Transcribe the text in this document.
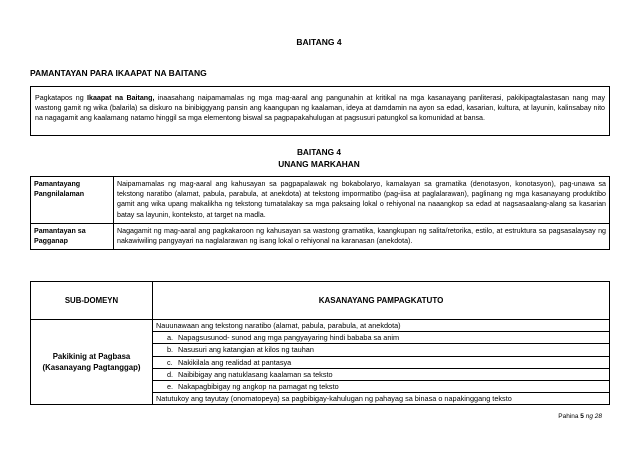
BAITANG 4
PAMANTAYAN PARA IKAAPAT NA BAITANG
Pagkatapos ng Ikaapat na Baitang, inaasahang naipamamalas ng mga mag-aaral ang pangunahin at kritikal na mga kasanayang panliterasi, pakikipagtalastasan nang may wastong gamit ng wika (balarila) sa diskuro na binibiggyang pansin ang kaangupan ng kaalaman, ideya at damdamin na ayon sa edad, kasarian, kultura, at layunin, kalinsabay nito na nagagamit ang kaalamang natamo hinggil sa mga elementong biswal sa pagpapakahulugan at pagsusuri patungkol sa komunidad at bansa.
BAITANG 4
UNANG MARKAHAN
Pamantayang Pangnilalaman	Naipamamalas ng mag-aaral ang kahusayan sa pagpapalawak ng bokabolaryo, kamalayan sa gramatika (denotasyon, konotasyon), pag-unawa sa tekstong naratibo (alamat, pabula, parabula, at anekdota) at tekstong impormatibo (pag-iisa at paglalarawan), paglinang ng mga kasanayang produktibo gamit ang wika upang makalikha ng tekstong tumatalakay sa mga paksaing lokal o rehiyonal na naaangkop sa edad at nagsasaalang-alang sa kasarian batay sa layunin, konteksto, at target na madla.
Pamantayan sa Pagganap	Nagagamit ng mag-aaral ang pagkakaroon ng kahusayan sa wastong gramatika, kaangkupan ng salita/retorika, estilo, at estruktura sa pagsasalaysay ng nakawiwiling pangyayari na naglalarawan ng isang lokal o rehiyonal na karanasan (anekdota).
SUB-DOMEYN	KASANAYANG PAMPAGKATUTO
Pakikinig at Pagbasa (Kasanayang Pagtanggap)	Nauunawaan ang tekstong naratibo (alamat, pabula, parabula, at anekdota)
	a. Napagsusunod- sunod ang mga pangyayaring hindi bababa sa anim
	b. Nasusuri ang katangian at kilos ng tauhan
	c. Nakikilala ang realidad at pantasya
	d. Naibibigay ang natuklasang kaalaman sa teksto
	e. Nakapagbibigay ng angkop na pamagat ng teksto
	Natutukoy ang tayutay (onomatopeya) sa pagbibigay-kahulugan ng pahayag sa binasa o napakinggang teksto
Pahina 5 ng 28
